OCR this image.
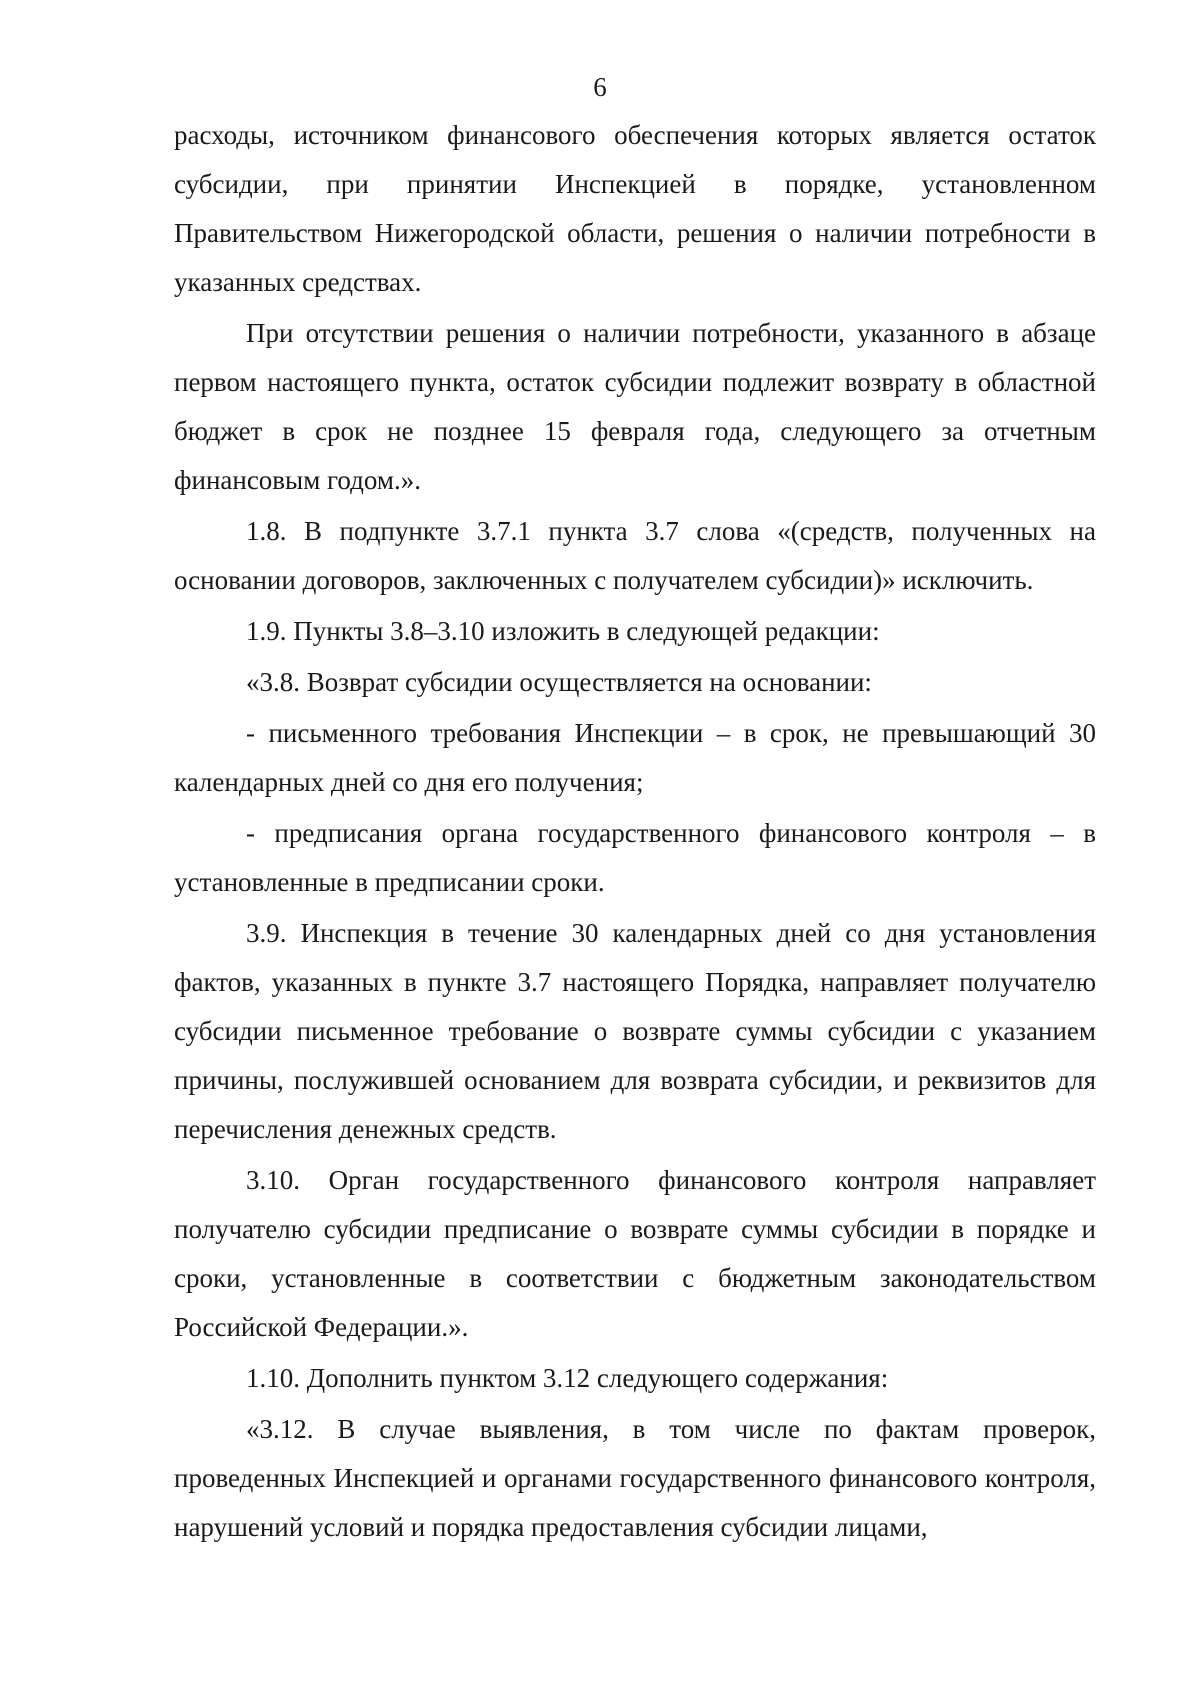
6

расходы, источником финансового обеспечения которых является остаток субсидии, при принятии Инспекцией в порядке, установленном Правительством Нижегородской области, решения о наличии потребности в указанных средствах.

При отсутствии решения о наличии потребности, указанного в абзаце первом настоящего пункта, остаток субсидии подлежит возврату в областной бюджет в срок не позднее 15 февраля года, следующего за отчетным финансовым годом.».

1.8. В подпункте 3.7.1 пункта 3.7 слова «(средств, полученных на основании договоров, заключенных с получателем субсидии)» исключить.

1.9. Пункты 3.8–3.10 изложить в следующей редакции:

«3.8. Возврат субсидии осуществляется на основании:

- письменного требования Инспекции – в срок, не превышающий 30 календарных дней со дня его получения;

- предписания органа государственного финансового контроля – в установленные в предписании сроки.

3.9. Инспекция в течение 30 календарных дней со дня установления фактов, указанных в пункте 3.7 настоящего Порядка, направляет получателю субсидии письменное требование о возврате суммы субсидии с указанием причины, послужившей основанием для возврата субсидии, и реквизитов для перечисления денежных средств.

3.10. Орган государственного финансового контроля направляет получателю субсидии предписание о возврате суммы субсидии в порядке и сроки, установленные в соответствии с бюджетным законодательством Российской Федерации.».

1.10. Дополнить пунктом 3.12 следующего содержания:

«3.12. В случае выявления, в том числе по фактам проверок, проведенных Инспекцией и органами государственного финансового контроля, нарушений условий и порядка предоставления субсидии лицами,
